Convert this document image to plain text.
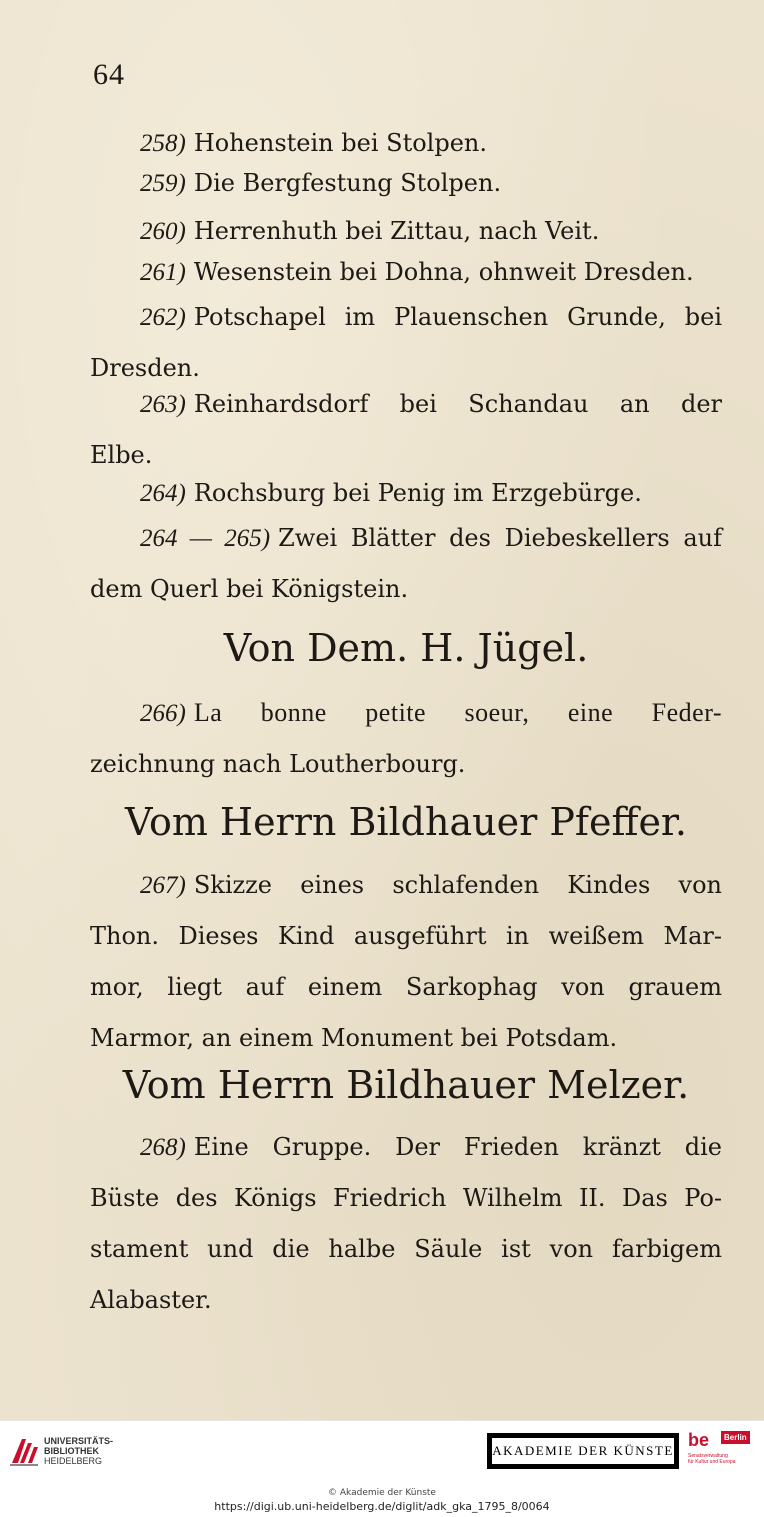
64
258) Hohenstein bei Stolpen.
259) Die Bergfestung Stolpen.
260) Herrenhuth bei Zittau, nach Veit.
261) Wesenstein bei Dohna, ohnweit Dresden.
262) Potschapel im Plauenschen Grunde, bei
Dresden.
263) Reinhardsdorf bei Schandau an der
Elbe.
264) Rochsburg bei Penig im Erzgebürge.
264 — 265) Zwei Blätter des Diebeskellers auf
dem Querl bei Königstein.
Von Dem. H. Jügel.
266) La bonne petite soeur, eine Feder-
zeichnung nach Loutherbourg.
Vom Herrn Bildhauer Pfeffer.
267) Skizze eines schlafenden Kindes von
Thon. Dieses Kind ausgeführt in weißem Mar-
mor, liegt auf einem Sarkophag von grauem
Marmor, an einem Monument bei Potsdam.
Vom Herrn Bildhauer Melzer.
268) Eine Gruppe. Der Frieden kränzt die
Büste des Königs Friedrich Wilhelm II. Das Po-
stament und die halbe Säule ist von farbigem
Alabaster.
UNIVERSITÄTS-
BIBLIOTHEK
HEIDELBERG
AKADEMIE DER KÜNSTE
be	Berlin
Senatsverwaltung
für Kultur und Europa
© Akademie der Künste
https://digi.ub.uni-heidelberg.de/diglit/adk_gka_1795_8/0064
